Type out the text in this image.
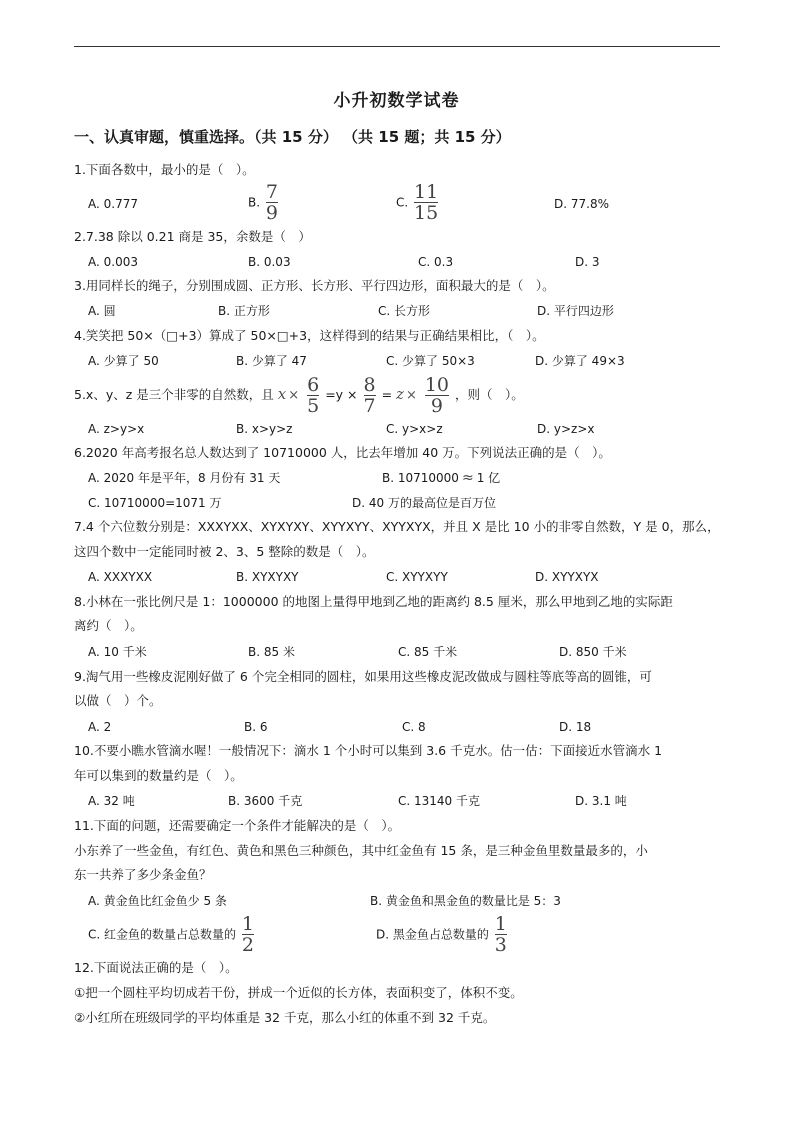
小升初数学试卷
一、认真审题，慎重选择。（共 15 分） （共 15 题；共 15 分）
1.下面各数中，最小的是（　）。
A. 0.777	B. $\frac{7}{9}$	C. $\frac{11}{15}$	D. 77.8%
2.7.38 除以 0.21 商是 35，余数是（　）
A. 0.003	B. 0.03	C. 0.3	D. 3
3.用同样长的绳子，分别围成圆、正方形、长方形、平行四边形，面积最大的是（　）。
A. 圆	B. 正方形	C. 长方形	D. 平行四边形
4.笑笑把 50×（□+3）算成了 50×□+3，这样得到的结果与正确结果相比，（　）。
A. 少算了 50	B. 少算了 47	C. 少算了 50×3	D. 少算了 49×3
5.x、y、z 是三个非零的自然数，且 $x \times \frac{6}{5} =y \times \frac{8}{7} = z \times \frac{10}{9}$ ，则（　）。
A. z>y>x	B. x>y>z	C. y>x>z	D. y>z>x
6.2020 年高考报名总人数达到了 10710000 人，比去年增加 40 万。下列说法正确的是（　）。
A. 2020 年是平年，8 月份有 31 天	B. 10710000 ≈ 1 亿
C. 10710000=1071 万	D. 40 万的最高位是百万位
7.4 个六位数分别是：XXXYXX、XYXYXY、XYYXYY、XYYXYX，并且 X 是比 10 小的非零自然数，Y 是 0，那么，
这四个数中一定能同时被 2、3、5 整除的数是（　）。
A. XXXYXX	B. XYXYXY	C. XYYXYY	D. XYYXYX
8.小林在一张比例尺是 1：1000000 的地图上量得甲地到乙地的距离约 8.5 厘米，那么甲地到乙地的实际距
离约（　）。
A. 10 千米	B. 85 米	C. 85 千米	D. 850 千米
9.淘气用一些橡皮泥刚好做了 6 个完全相同的圆柱，如果用这些橡皮泥改做成与圆柱等底等高的圆锥，可
以做（　）个。
A. 2	B. 6	C. 8	D. 18
10.不要小瞧水管滴水喔！一般情况下：滴水 1 个小时可以集到 3.6 千克水。估一估：下面接近水管滴水 1
年可以集到的数量约是（　）。
A. 32 吨	B. 3600 千克	C. 13140 千克	D. 3.1 吨
11.下面的问题，还需要确定一个条件才能解决的是（　）。
小东养了一些金鱼，有红色、黄色和黑色三种颜色，其中红金鱼有 15 条，是三种金鱼里数量最多的，小
东一共养了多少条金鱼？
A. 黄金鱼比红金鱼少 5 条	B. 黄金鱼和黑金鱼的数量比是 5：3
C. 红金鱼的数量占总数量的 $\frac{1}{2}$	D. 黑金鱼占总数量的 $\frac{1}{3}$
12.下面说法正确的是（　）。
①把一个圆柱平均切成若干份，拼成一个近似的长方体，表面积变了，体积不变。
②小红所在班级同学的平均体重是 32 千克，那么小红的体重不到 32 千克。
